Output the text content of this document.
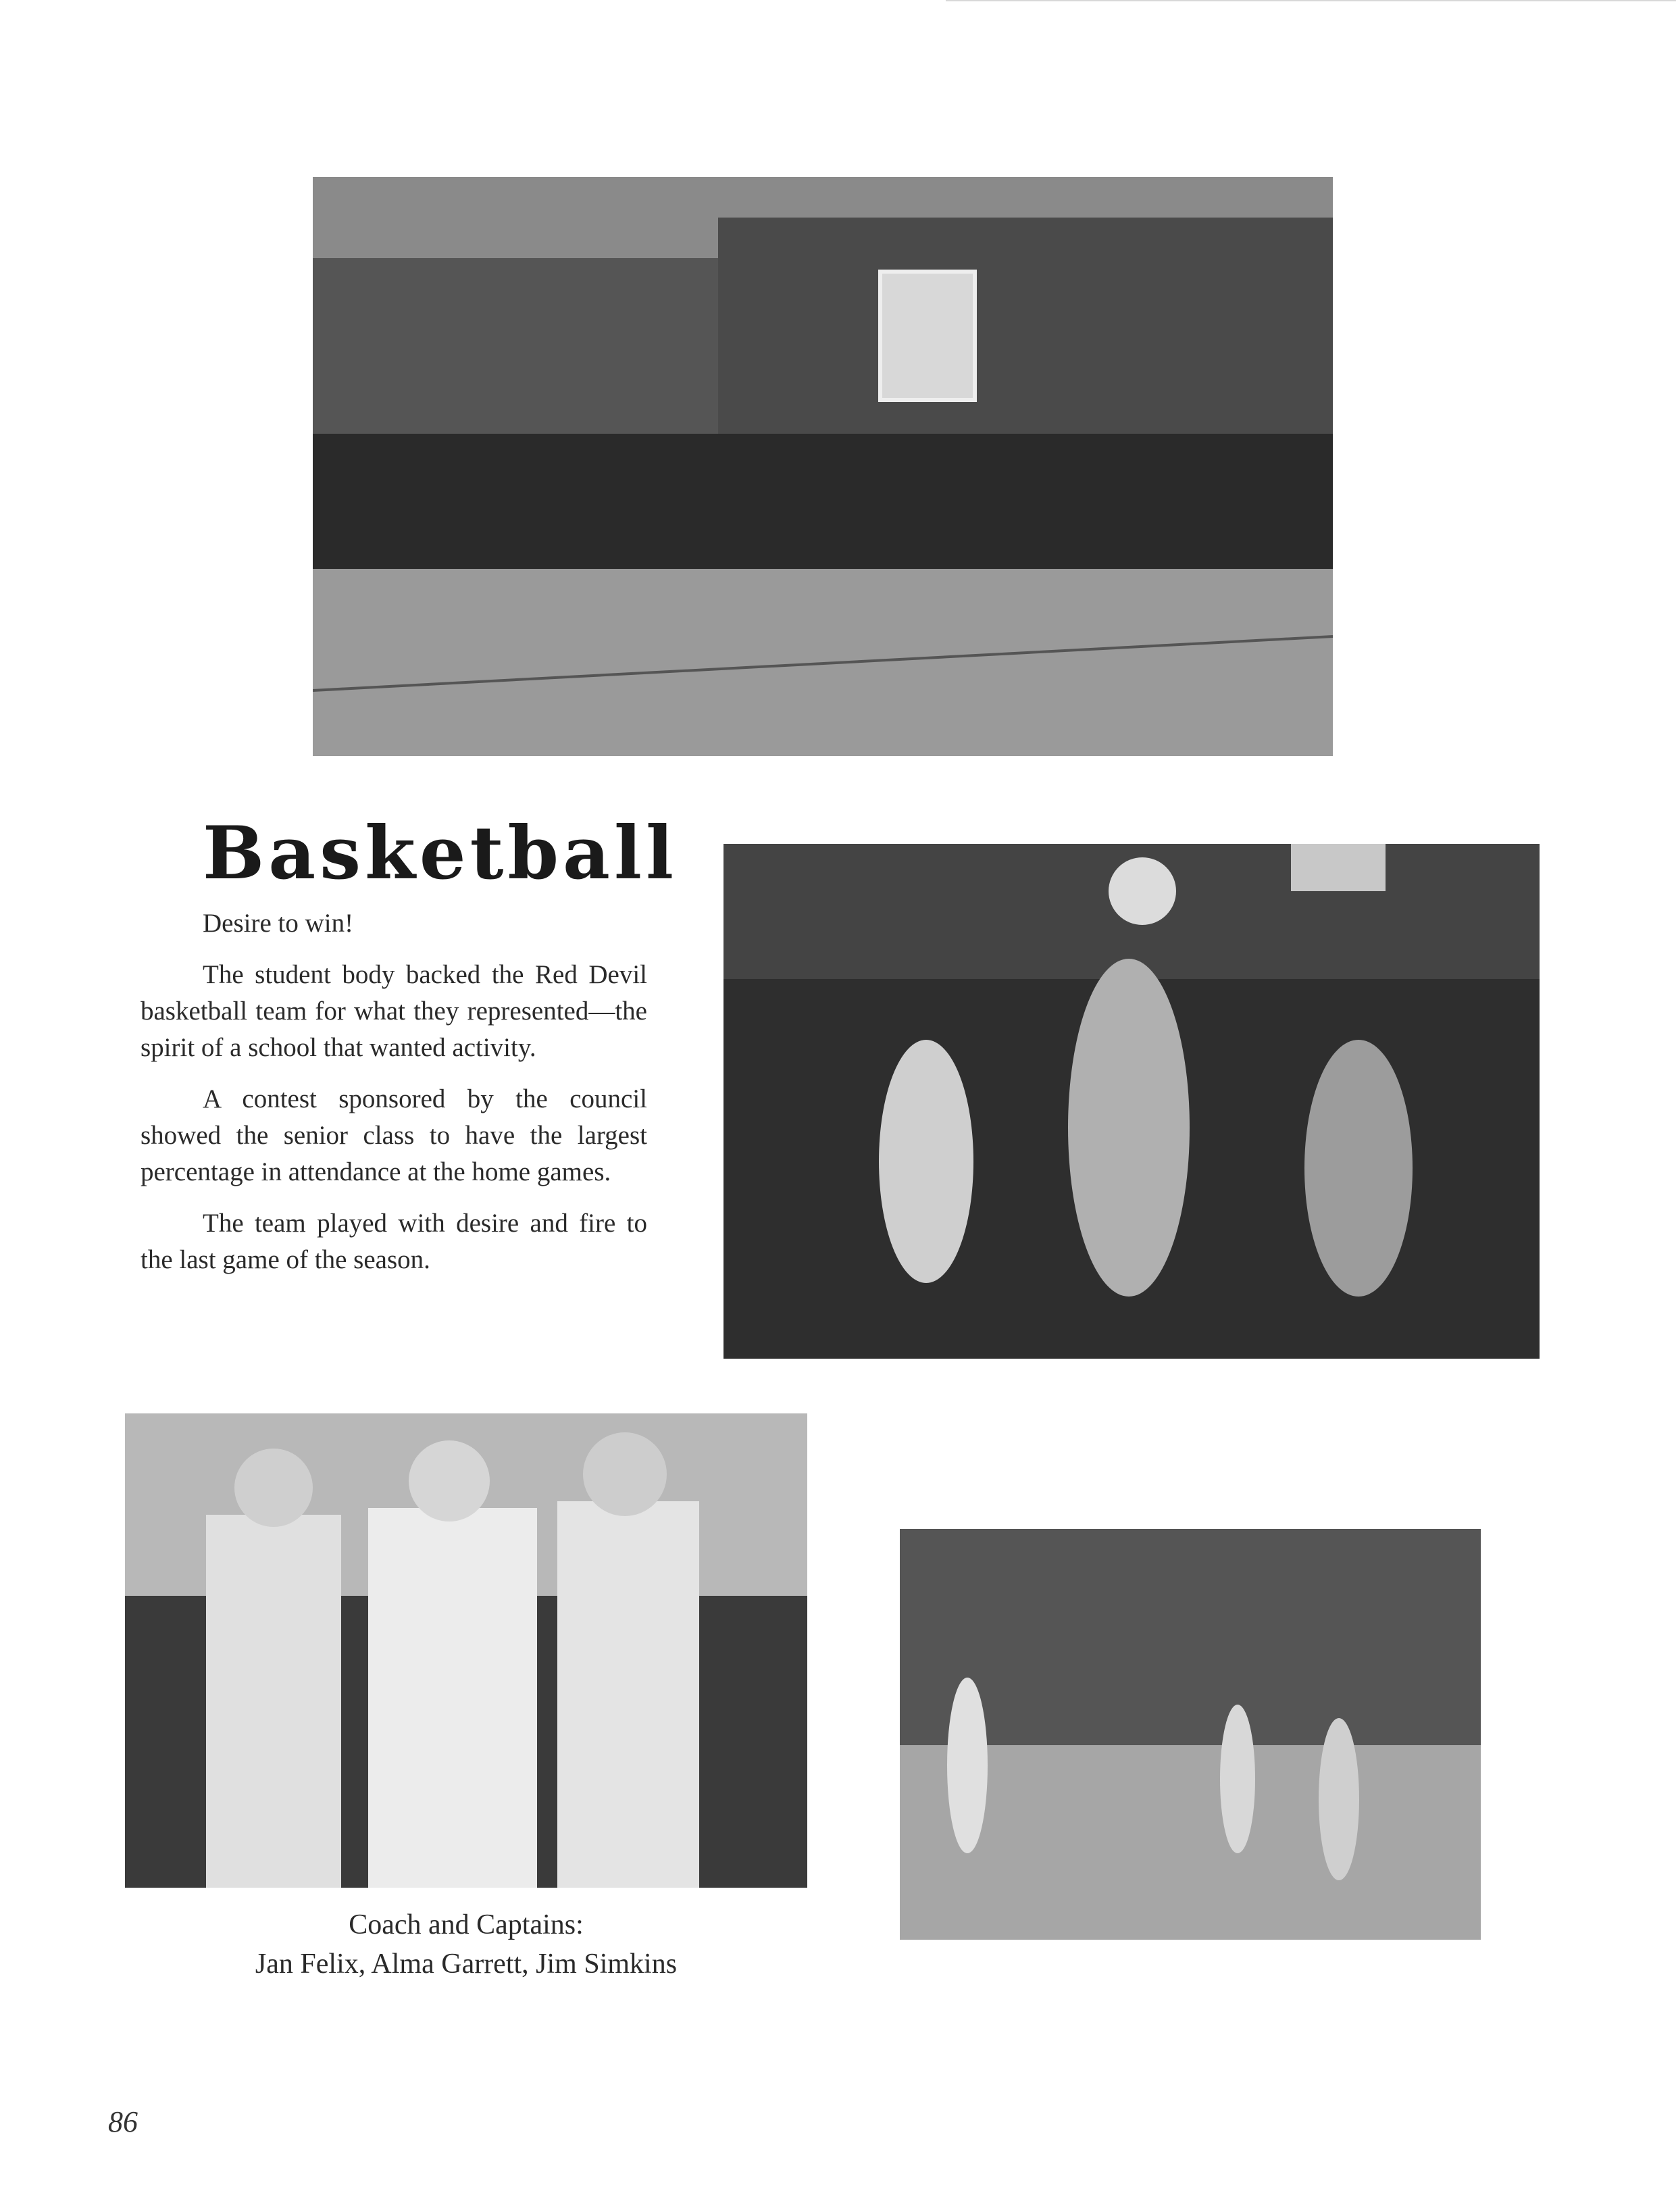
Basketball

Desire to win!

The student body backed the Red Devil basketball team for what they represented—the spirit of a school that wanted activity.

A contest sponsored by the council showed the senior class to have the largest percentage in attendance at the home games.

The team played with desire and fire to the last game of the season.

Coach and Captains:
Jan Felix, Alma Garrett, Jim Simkins
86
